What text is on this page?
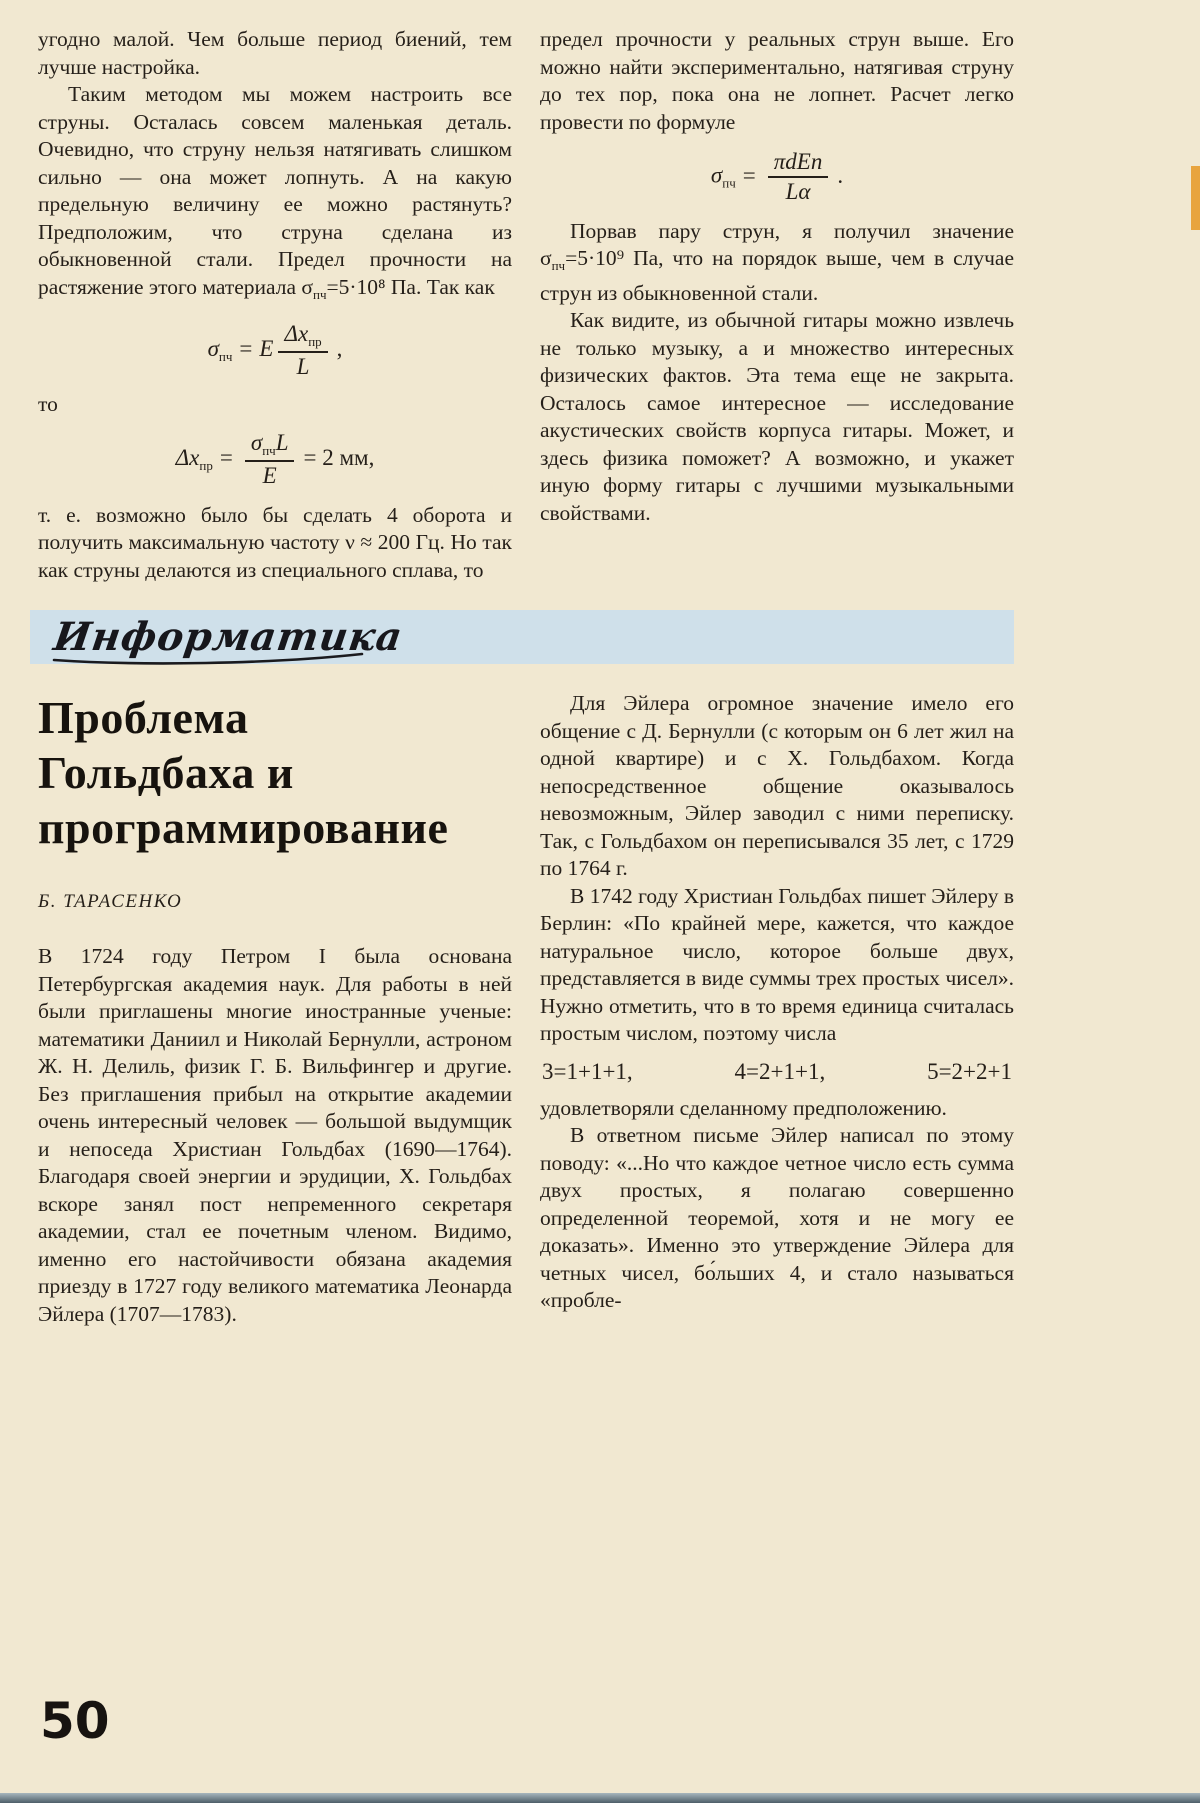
угодно малой. Чем больше период биений, тем лучше настройка.

Таким методом мы можем настроить все струны. Осталась совсем маленькая деталь. Очевидно, что струну нельзя натягивать слишком сильно — она может лопнуть. А на какую предельную величину ее можно растянуть? Предположим, что струна сделана из обыкновенной стали. Предел прочности на растяжение этого материала $\sigma_{пч}=5\cdot 10^8$ Па. Так как

$\sigma_{пч} = E \frac{\Delta x_{пр}}{L}$ ,

то

$\Delta x_{пр} = \frac{\sigma_{пч}L}{E} = 2$ мм,

т. е. возможно было бы сделать 4 оборота и получить максимальную частоту ν ≈ 200 Гц. Но так как струны делаются из специального сплава, то

предел прочности у реальных струн выше. Его можно найти экспериментально, натягивая струну до тех пор, пока она не лопнет. Расчет легко провести по формуле

$\sigma_{пч} = \frac{\text{πdEn}}{L\alpha}$ .

Порвав пару струн, я получил значение $\sigma_{пч}=5\cdot 10^9$ Па, что на порядок выше, чем в случае струн из обыкновенной стали.

Как видите, из обычной гитары можно извлечь не только музыку, а и множество интересных физических фактов. Эта тема еще не закрыта. Осталось самое интересное — исследование акустических свойств корпуса гитары. Может, и здесь физика поможет? А возможно, и укажет иную форму гитары с лучшими музыкальными свойствами.

Информатика
Проблема
Гольдбаха и
программирование
Б. ТАРАСЕНКО

В 1724 году Петром I была основана Петербургская академия наук. Для работы в ней были приглашены многие иностранные ученые: математики Даниил и Николай Бернулли, астроном Ж. Н. Делиль, физик Г. Б. Вильфингер и другие. Без приглашения прибыл на открытие академии очень интересный человек — большой выдумщик и непоседа Христиан Гольдбах (1690—1764). Благодаря своей энергии и эрудиции, Х. Гольдбах вскоре занял пост непременного секретаря академии, стал ее почетным членом. Видимо, именно его настойчивости обязана академия приезду в 1727 году великого математика Леонарда Эйлера (1707—1783).

Для Эйлера огромное значение имело его общение с Д. Бернулли (с которым он 6 лет жил на одной квартире) и с Х. Гольдбахом. Когда непосредственное общение оказывалось невозможным, Эйлер заводил с ними переписку. Так, с Гольдбахом он переписывался 35 лет, с 1729 по 1764 г.

В 1742 году Христиан Гольдбах пишет Эйлеру в Берлин: «По крайней мере, кажется, что каждое натуральное число, которое больше двух, представляется в виде суммы трех простых чисел». Нужно отметить, что в то время единица считалась простым числом, поэтому числа

3=1+1+1,	4=2+1+1,	5=2+2+1

удовлетворяли сделанному предположению.

В ответном письме Эйлер написал по этому поводу: «...Но что каждое четное число есть сумма двух простых, я полагаю совершенно определенной теоремой, хотя и не могу ее доказать». Именно это утверждение Эйлера для четных чисел, бо́льших 4, и стало называться «пробле-

50
